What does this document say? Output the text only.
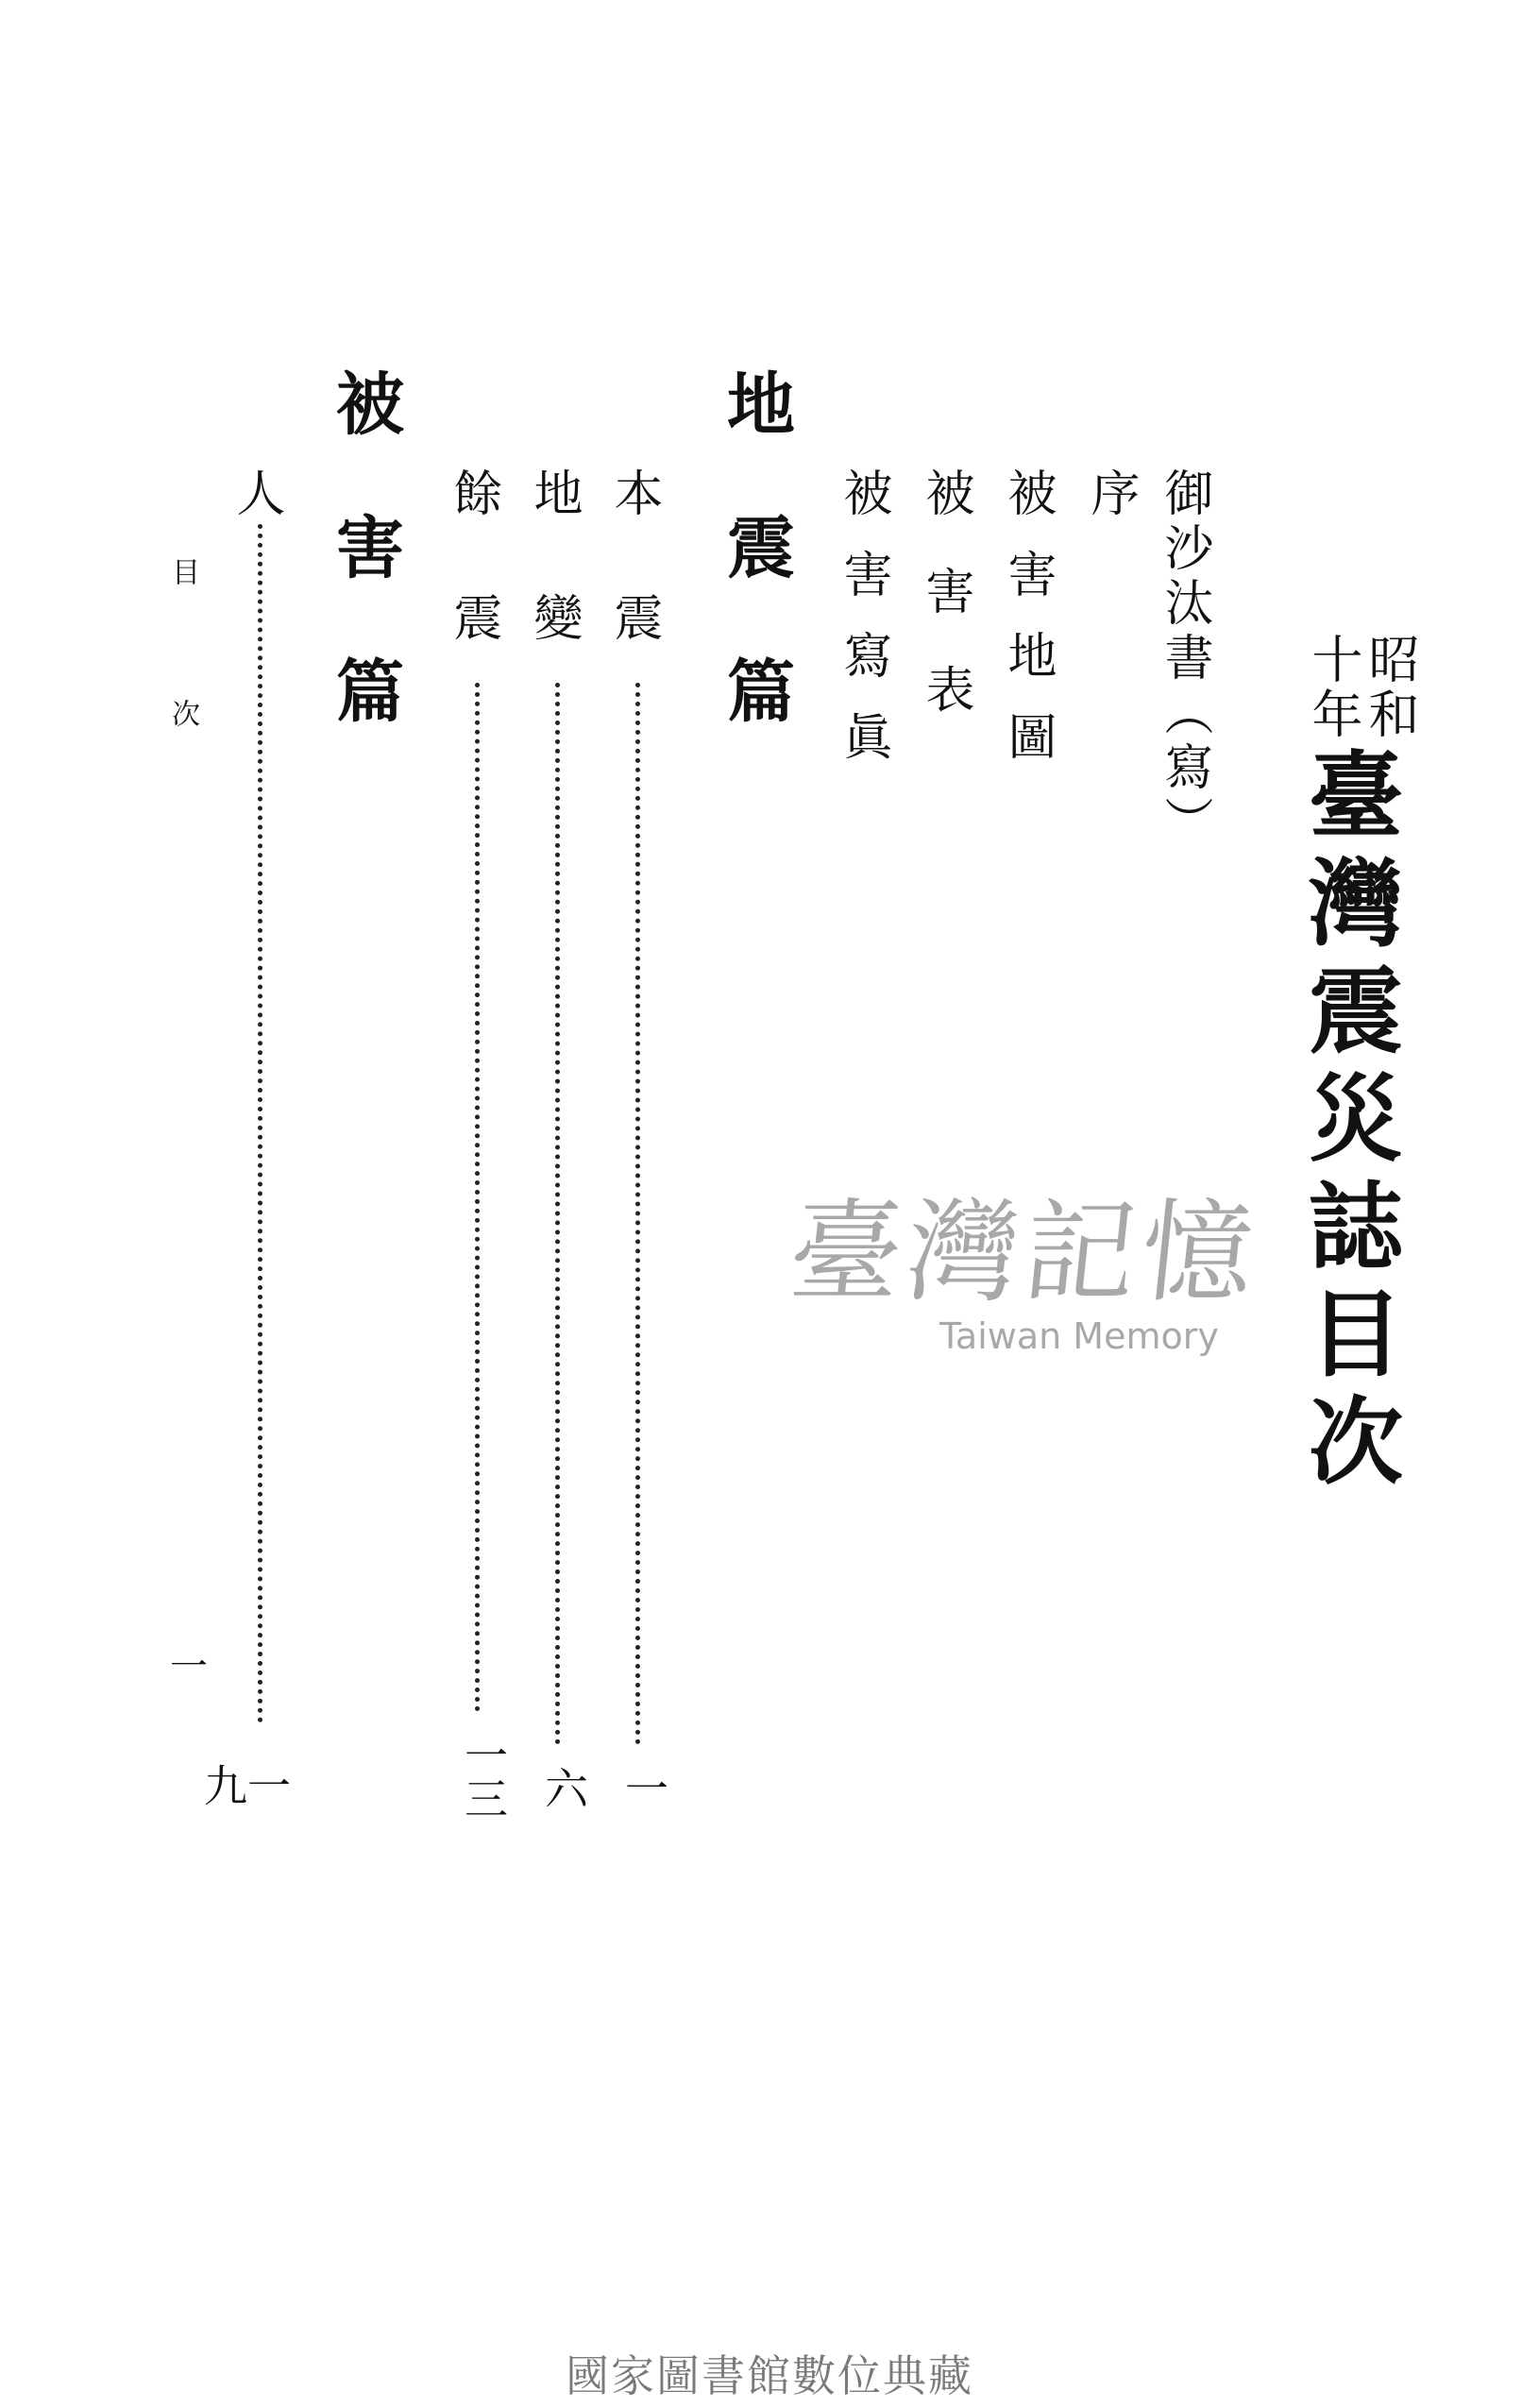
昭和
十年
臺灣震災誌目次
御沙汰書（寫）
序
被害地圖
被害表
被害寫眞
地震篇
本震
一
地變
六
餘震
一三
被害篇
人
一九
目次
一
臺灣記憶
Taiwan Memory
國家圖書館數位典藏
